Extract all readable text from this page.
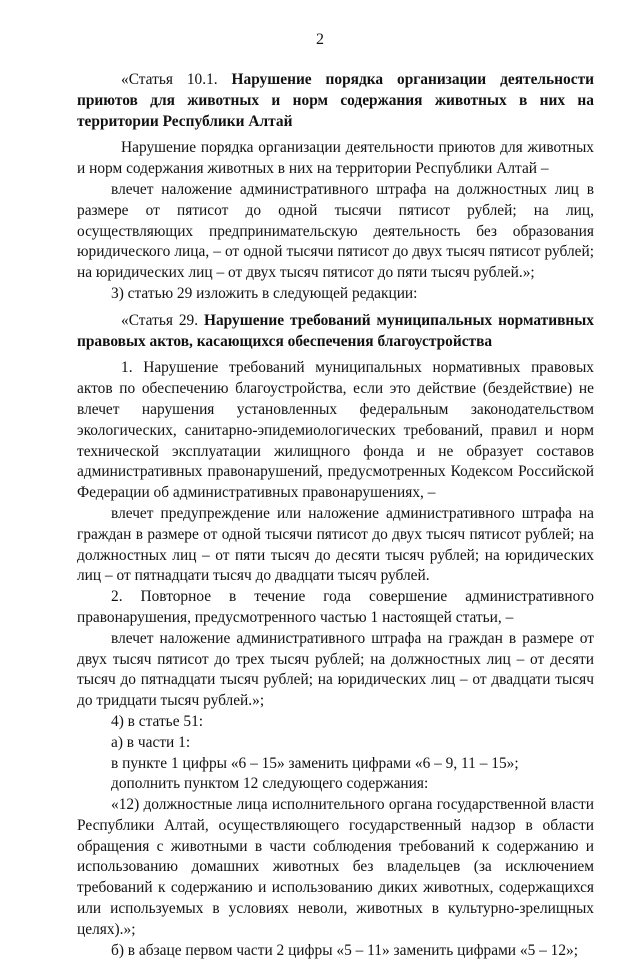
2

«Статья 10.1. Нарушение порядка организации деятельности приютов для животных и норм содержания животных в них на территории Республики Алтай

Нарушение порядка организации деятельности приютов для животных и норм содержания животных в них на территории Республики Алтай –

влечет наложение административного штрафа на должностных лиц в размере от пятисот до одной тысячи пятисот рублей; на лиц, осуществляющих предпринимательскую деятельность без образования юридического лица, – от одной тысячи пятисот до двух тысяч пятисот рублей; на юридических лиц – от двух тысяч пятисот до пяти тысяч рублей.»;

3) статью 29 изложить в следующей редакции:

«Статья 29. Нарушение требований муниципальных нормативных правовых актов, касающихся обеспечения благоустройства

1. Нарушение требований муниципальных нормативных правовых актов по обеспечению благоустройства, если это действие (бездействие) не влечет нарушения установленных федеральным законодательством экологических, санитарно-эпидемиологических требований, правил и норм технической эксплуатации жилищного фонда и не образует составов административных правонарушений, предусмотренных Кодексом Российской Федерации об административных правонарушениях, –

влечет предупреждение или наложение административного штрафа на граждан в размере от одной тысячи пятисот до двух тысяч пятисот рублей; на должностных лиц – от пяти тысяч до десяти тысяч рублей; на юридических лиц – от пятнадцати тысяч до двадцати тысяч рублей.

2. Повторное в течение года совершение административного правонарушения, предусмотренного частью 1 настоящей статьи, –

влечет наложение административного штрафа на граждан в размере от двух тысяч пятисот до трех тысяч рублей; на должностных лиц – от десяти тысяч до пятнадцати тысяч рублей; на юридических лиц – от двадцати тысяч до тридцати тысяч рублей.»;

4) в статье 51:

а) в части 1:

в пункте 1 цифры «6 – 15» заменить цифрами «6 – 9, 11 – 15»;

дополнить пунктом 12 следующего содержания:

«12) должностные лица исполнительного органа государственной власти Республики Алтай, осуществляющего государственный надзор в области обращения с животными в части соблюдения требований к содержанию и использованию домашних животных без владельцев (за исключением требований к содержанию и использованию диких животных, содержащихся или используемых в условиях неволи, животных в культурно-зрелищных целях).»;

б) в абзаце первом части 2 цифры «5 – 11» заменить цифрами «5 – 12»;
